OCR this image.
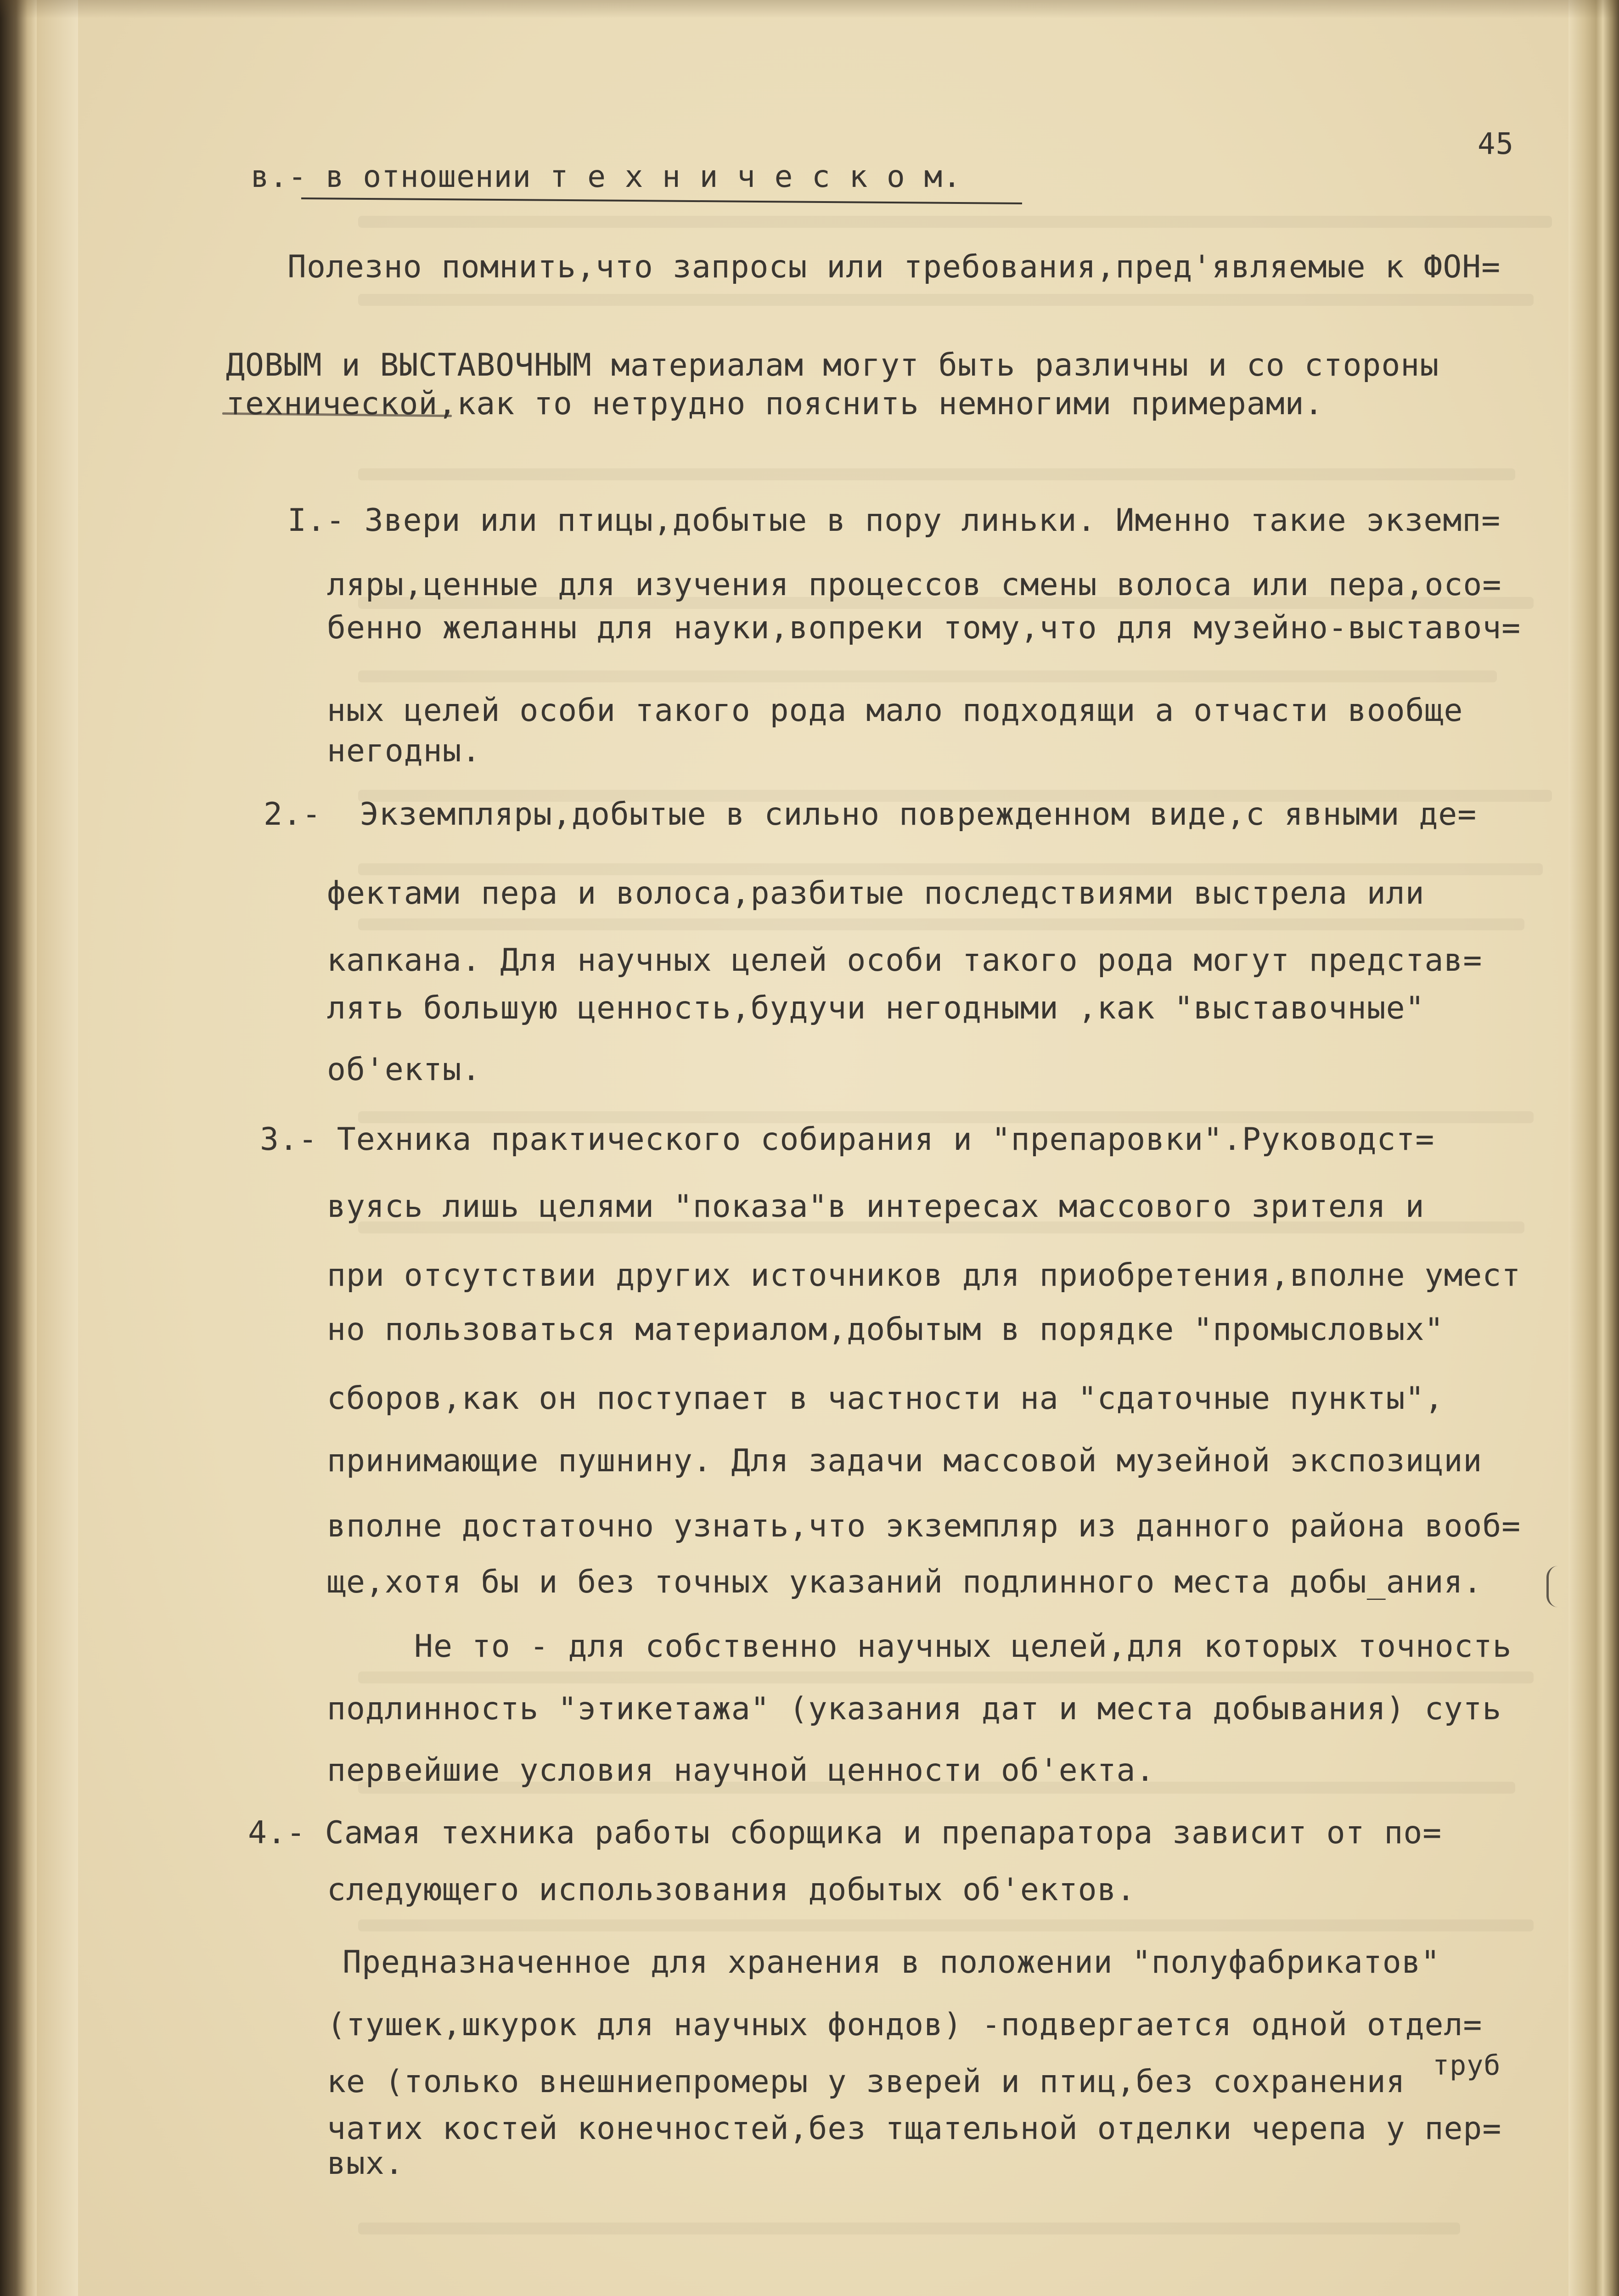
45
в.- в отношении т е х н и ч е с к о м.
Полезно помнить,что запросы или требования,пред'являемые к ФОН=
ДОВЫМ и ВЫСТАВОЧНЫМ материалам могут быть различны и со стороны
технической,как то нетрудно пояснить немногими примерами.
I.- Звери или птицы,добытые в пору линьки. Именно такие экземп=
ляры,ценные для изучения процессов смены волоса или пера,осо=
бенно желанны для науки,вопреки тому,что для музейно-выставоч=
ных целей особи такого рода мало подходящи а отчасти вообще
негодны.
2.-  Экземпляры,добытые в сильно поврежденном виде,с явными де=
фектами пера и волоса,разбитые последствиями выстрела или
капкана. Для научных целей особи такого рода могут представ=
лять большую ценность,будучи негодными ,как "выставочные"
об'екты.
3.- Техника практического собирания и "препаровки".Руководст=
вуясь лишь целями "показа"в интересах массового зрителя и
при отсутствии других источников для приобретения,вполне умест
но пользоваться материалом,добытым в порядке "промысловых"
сборов,как он поступает в частности на "сдаточные пункты",
принимающие пушнину. Для задачи массовой музейной экспозиции
вполне достаточно узнать,что экземпляр из данного района вооб=
ще,хотя бы и без точных указаний подлинного места добы_ания.
Не то - для собственно научных целей,для которых точность
подлинность "этикетажа" (указания дат и места добывания) суть
первейшие условия научной ценности об'екта.
4.- Самая техника работы сборщика и препаратора зависит от по=
следующего использования добытых об'ектов.
Предназначенное для хранения в положении "полуфабрикатов"
(тушек,шкурок для научных фондов) -подвергается одной отдел=
ке (только внешниепромеры у зверей и птиц,без сохранения
чатих костей конечностей,без тщательной отделки черепа у пер=
вых.
труб
